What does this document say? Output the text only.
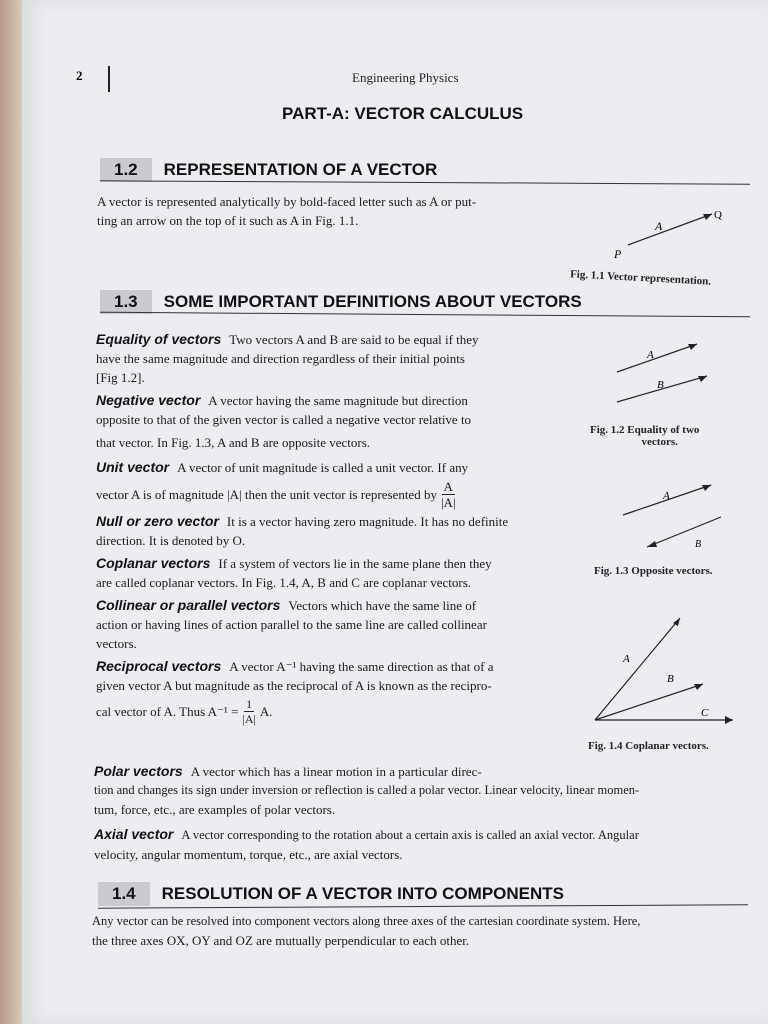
2	Engineering Physics
PART-A: VECTOR CALCULUS
1.2 REPRESENTATION OF A VECTOR
A vector is represented analytically by bold-faced letter such as A or put-
ting an arrow on the top of it such as A in Fig. 1.1.	A
P
Q
Fig. 1.1 Vector representation.
1.3 SOME IMPORTANT DEFINITIONS ABOUT VECTORS
Equality of vectors Two vectors A and B are said to be equal if they
have the same magnitude and direction regardless of their initial points
[Fig 1.2].
Negative vector A vector having the same magnitude but direction
opposite to that of the given vector is called a negative vector relative to
that vector. In Fig. 1.3, A and B are opposite vectors.
Unit vector A vector of unit magnitude is called a unit vector. If any
vector A is of magnitude |A| then the unit vector is represented by $\frac{A}{|A|}$
Null or zero vector It is a vector having zero magnitude. It has no definite
direction. It is denoted by O.
Coplanar vectors If a system of vectors lie in the same plane then they
are called coplanar vectors. In Fig. 1.4, A, B and C are coplanar vectors.
Collinear or parallel vectors Vectors which have the same line of
action or having lines of action parallel to the same line are called collinear
vectors.
Reciprocal vectors A vector A⁻¹ having the same direction as that of a
given vector A but magnitude as the reciprocal of A is known as the recipro-
cal vector of A. Thus $A^{-1} = \frac{1}{|A|} A$.
Polar vectors A vector which has a linear motion in a particular direc-
tion and changes its sign under inversion or reflection is called a polar vector. Linear velocity, linear momen-
tum, force, etc., are examples of polar vectors.
Axial vector A vector corresponding to the rotation about a certain axis is called an axial vector. Angular
velocity, angular momentum, torque, etc., are axial vectors.
1.4 RESOLUTION OF A VECTOR INTO COMPONENTS
Any vector can be resolved into component vectors along three axes of the cartesian coordinate system. Here,
the three axes OX, OY and OZ are mutually perpendicular to each other.
A
B
Fig. 1.2 Equality of two
vectors.
A
B
Fig. 1.3 Opposite vectors.
A
B
C
Fig. 1.4 Coplanar vectors.
